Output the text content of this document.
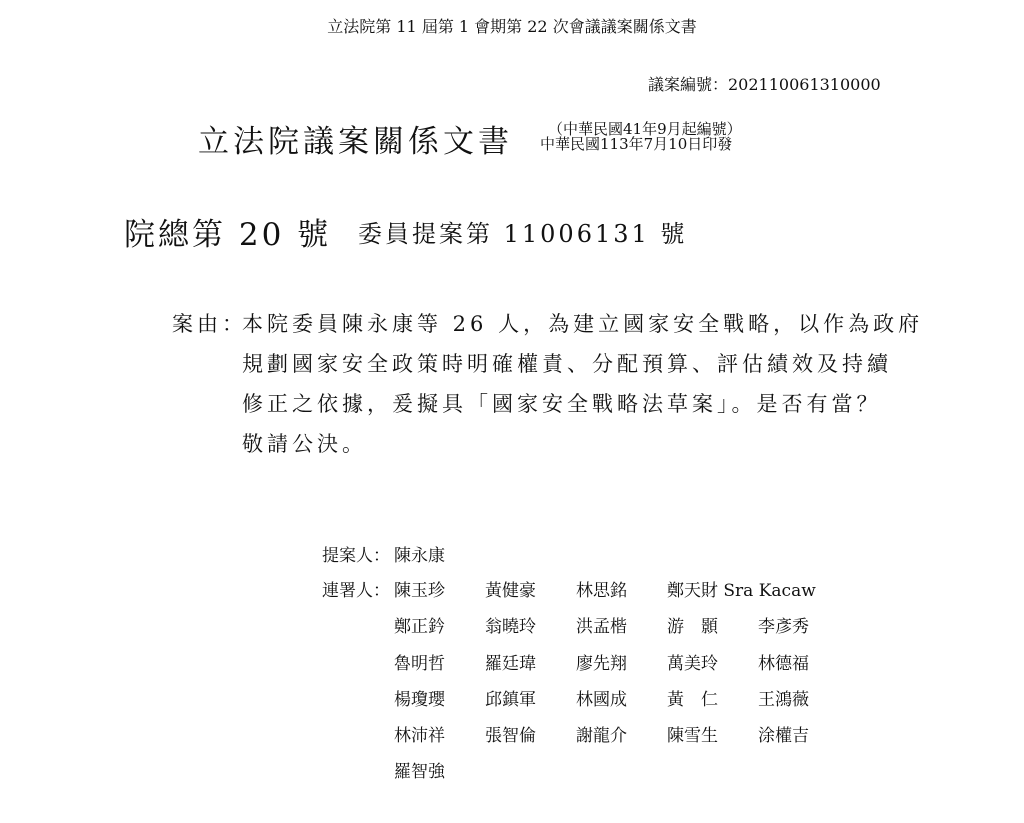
立法院第 11 屆第 1 會期第 22 次會議議案關係文書
議案編號：202110061310000
立法院議案關係文書 （中華民國41年9月起編號）
中華民國113年7月10日印發
院總第 20 號 委員提案第 11006131 號
案由：
本院委員陳永康等 26 人，為建立國家安全戰略，以作為政府
規劃國家安全政策時明確權責、分配預算、評估績效及持續
修正之依據，爰擬具「國家安全戰略法草案」。是否有當？
敬請公決。
提案人： 陳永康
連署人： 陳玉珍 黃健豪 林思銘 鄭天財 Sra Kacaw
鄭正鈐 翁曉玲 洪孟楷 游　顥 李彥秀
魯明哲 羅廷瑋 廖先翔 萬美玲 林德福
楊瓊瓔 邱鎮軍 林國成 黃　仁 王鴻薇
林沛祥 張智倫 謝龍介 陳雪生 涂權吉
羅智強
